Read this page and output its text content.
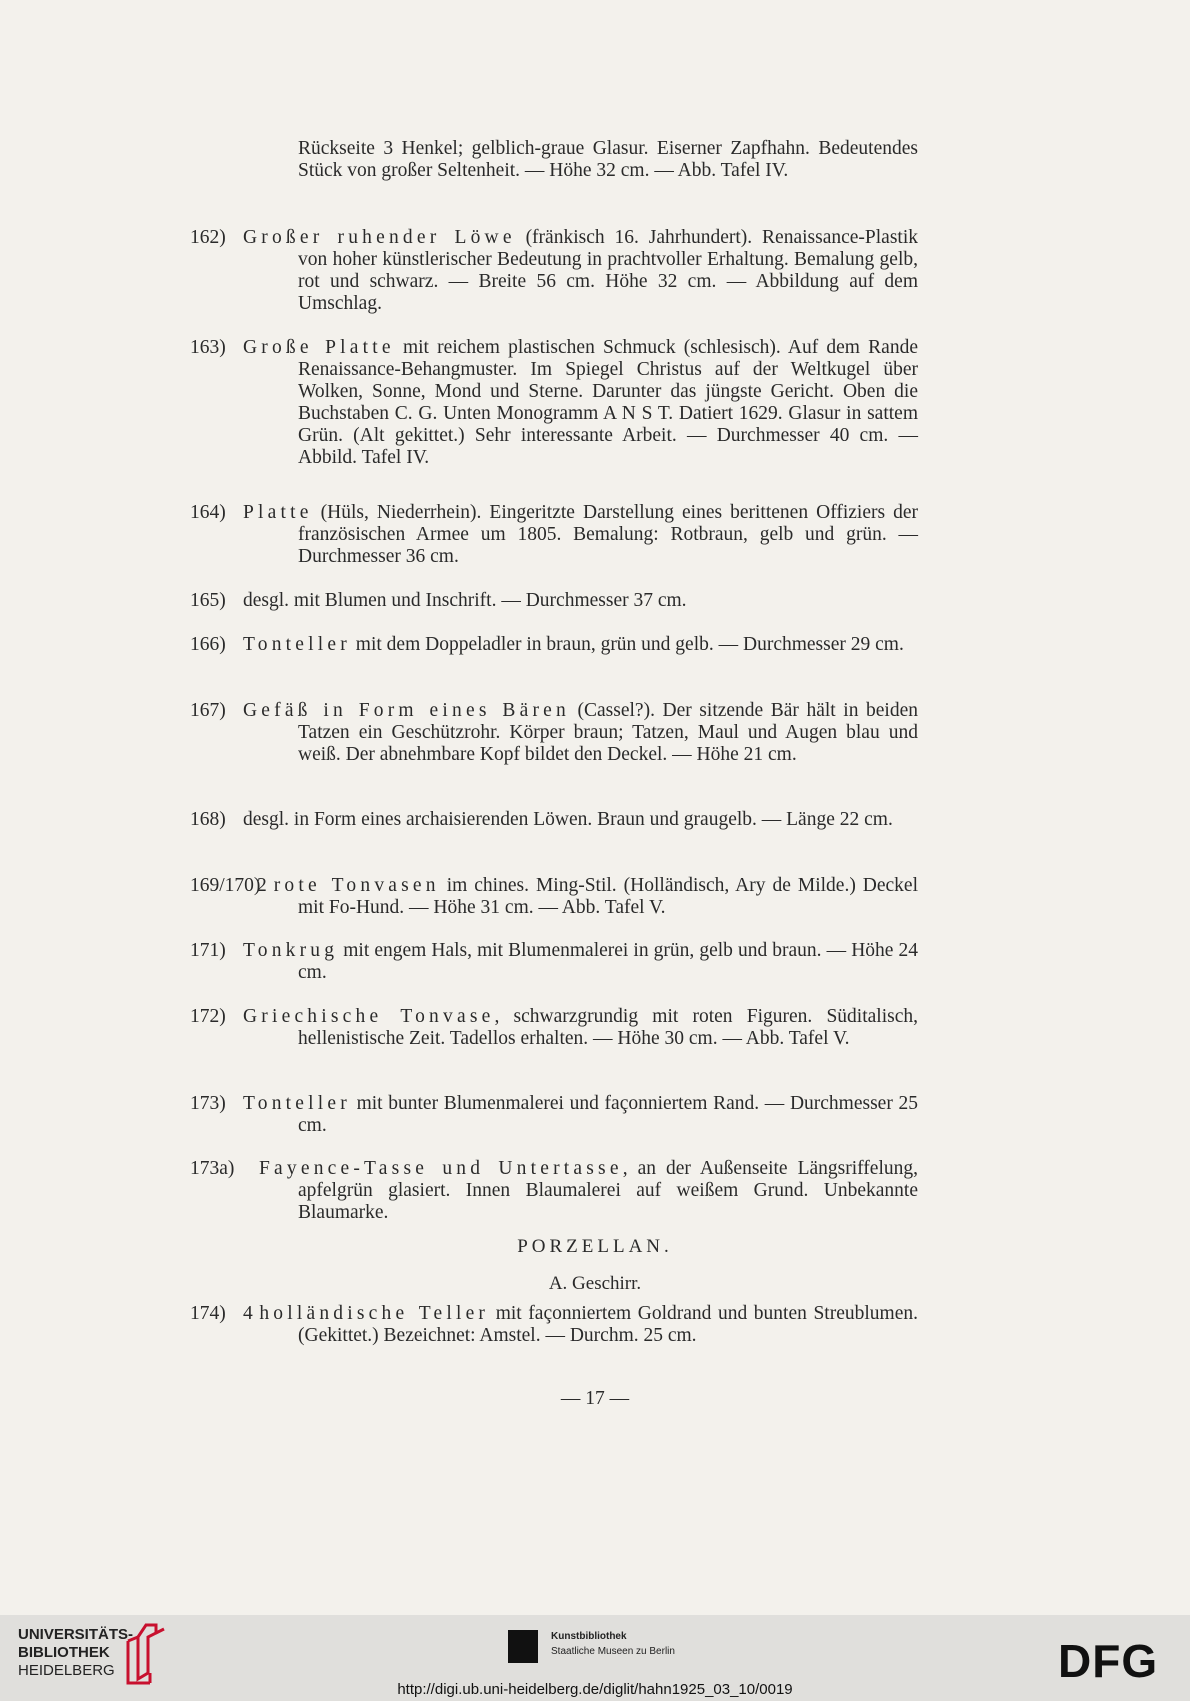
Rückseite 3 Henkel; gelblich-graue Glasur. Eiserner Zapfhahn. Bedeutendes Stück von großer Seltenheit. — Höhe 32 cm. — Abb. Tafel IV.
162) Großer ruhender Löwe (fränkisch 16. Jahrhundert). Renaissance-Plastik von hoher künstlerischer Bedeutung in prachtvoller Erhaltung. Bemalung gelb, rot und schwarz. — Breite 56 cm. Höhe 32 cm. — Abbildung auf dem Umschlag.
163) Große Platte mit reichem plastischen Schmuck (schlesisch). Auf dem Rande Renaissance-Behangmuster. Im Spiegel Christus auf der Weltkugel über Wolken, Sonne, Mond und Sterne. Darunter das jüngste Gericht. Oben die Buchstaben C. G. Unten Monogramm A N S T. Datiert 1629. Glasur in sattem Grün. (Alt gekittet.) Sehr interessante Arbeit. — Durchmesser 40 cm. — Abbild. Tafel IV.
164) Platte (Hüls, Niederrhein). Eingeritzte Darstellung eines berittenen Offiziers der französischen Armee um 1805. Bemalung: Rotbraun, gelb und grün. — Durchmesser 36 cm.
165) desgl. mit Blumen und Inschrift. — Durchmesser 37 cm.
166) Tonteller mit dem Doppeladler in braun, grün und gelb. — Durchmesser 29 cm.
167) Gefäß in Form eines Bären (Cassel?). Der sitzende Bär hält in beiden Tatzen ein Geschützrohr. Körper braun; Tatzen, Maul und Augen blau und weiß. Der abnehmbare Kopf bildet den Deckel. — Höhe 21 cm.
168) desgl. in Form eines archaisierenden Löwen. Braun und graugelb. — Länge 22 cm.
169/170)
2 rote Tonvasen im chines. Ming-Stil. (Holländisch, Ary de Milde.) Deckel mit Fo-Hund. — Höhe 31 cm. — Abb. Tafel V.
171) Tonkrug mit engem Hals, mit Blumenmalerei in grün, gelb und braun. — Höhe 24 cm.
172) Griechische Tonvase, schwarzgrundig mit roten Figuren. Süditalisch, hellenistische Zeit. Tadellos erhalten. — Höhe 30 cm. — Abb. Tafel V.
173) Tonteller mit bunter Blumenmalerei und façonniertem Rand. — Durchmesser 25 cm.
173a) Fayence-Tasse und Untertasse, an der Außenseite Längsriffelung, apfelgrün glasiert. Innen Blaumalerei auf weißem Grund. Unbekannte Blaumarke.
PORZELLAN.
A. Geschirr.
174) 4 holländische Teller mit façonniertem Goldrand und bunten Streublumen. (Gekittet.) Bezeichnet: Amstel. — Durchm. 25 cm.
— 17 —
UNIVERSITÄTS-
BIBLIOTHEK
HEIDELBERG
Kunstbibliothek
Staatliche Museen zu Berlin	DFG
http://digi.ub.uni-heidelberg.de/diglit/hahn1925_03_10/0019
